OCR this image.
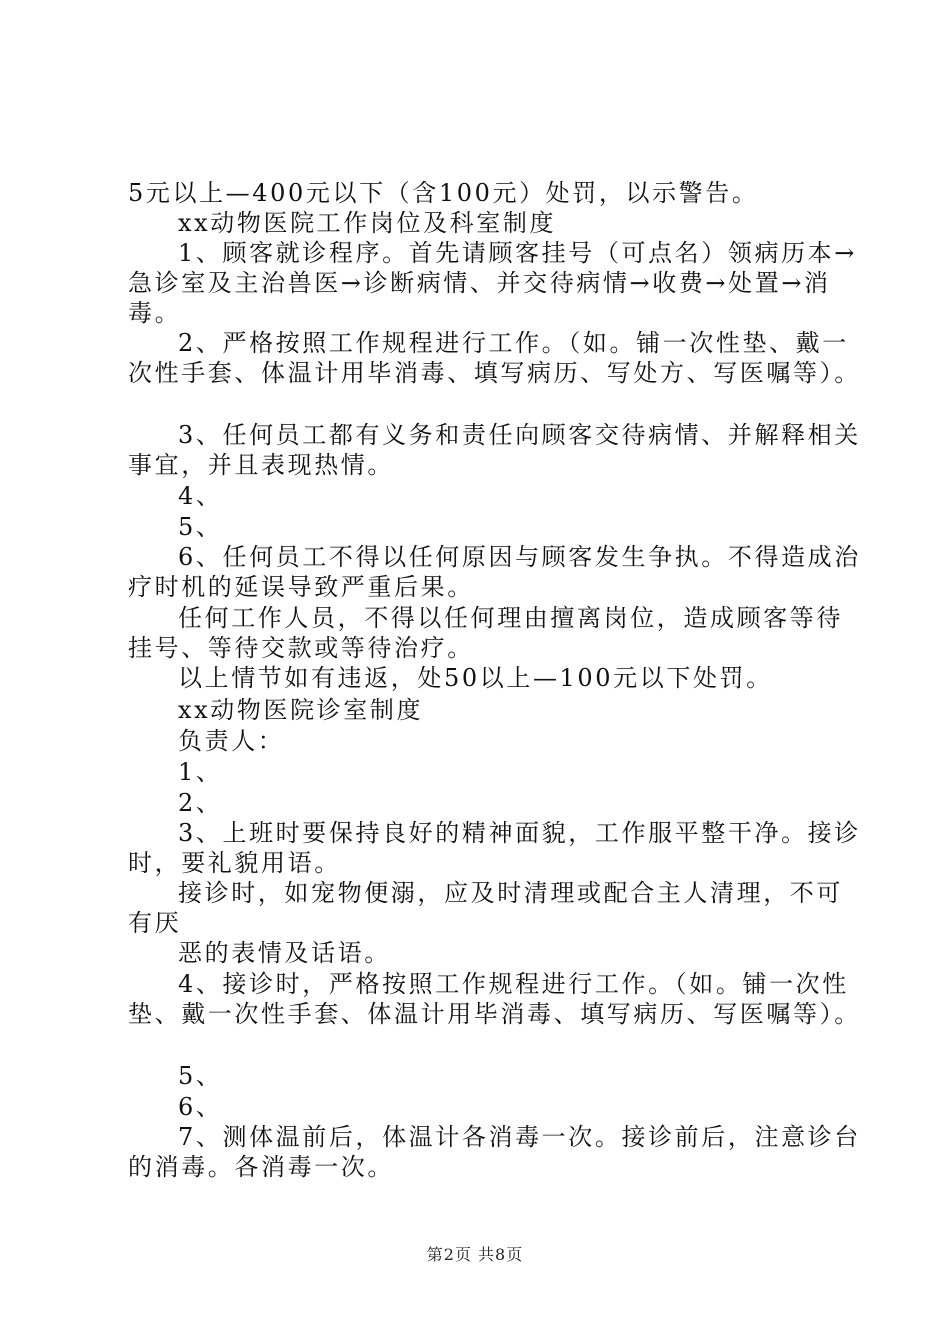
5元以上—400元以下（含100元）处罚，以示警告。
xx动物医院工作岗位及科室制度
1、顾客就诊程序。首先请顾客挂号（可点名）领病历本→
急诊室及主治兽医→诊断病情、并交待病情→收费→处置→消
毒。
2、严格按照工作规程进行工作。（如。铺一次性垫、戴一
次性手套、体温计用毕消毒、填写病历、写处方、写医嘱等）。
3、任何员工都有义务和责任向顾客交待病情、并解释相关
事宜，并且表现热情。
4、
5、
6、任何员工不得以任何原因与顾客发生争执。不得造成治
疗时机的延误导致严重后果。
任何工作人员，不得以任何理由擅离岗位，造成顾客等待
挂号、等待交款或等待治疗。
以上情节如有违返，处50以上—100元以下处罚。
xx动物医院诊室制度
负责人：
1、
2、
3、上班时要保持良好的精神面貌，工作服平整干净。接诊
时，要礼貌用语。
接诊时，如宠物便溺，应及时清理或配合主人清理，不可
有厌
恶的表情及话语。
4、接诊时，严格按照工作规程进行工作。（如。铺一次性
垫、戴一次性手套、体温计用毕消毒、填写病历、写医嘱等）。
5、
6、
7、测体温前后，体温计各消毒一次。接诊前后，注意诊台
的消毒。各消毒一次。
第2页 共8页
